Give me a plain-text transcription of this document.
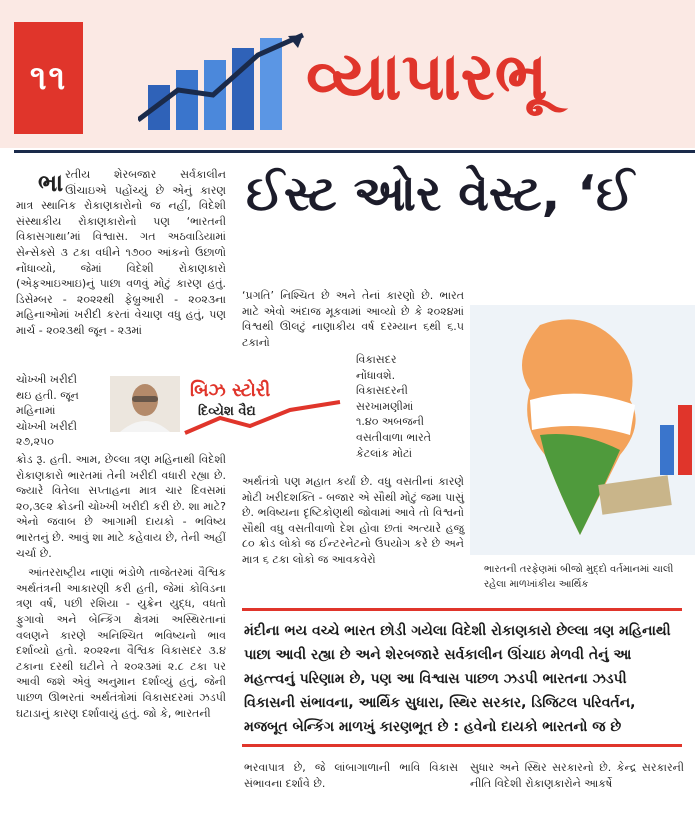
૧૧	વ્યાપારભૂ
ઈસ્ટ ઓર વેસ્ટ, ‘ઈ
ભા રતીય શેરબજાર સર્વકાલીન ઊંચાઇએ પહોંચ્યું છે એનું કારણ માત્ર સ્થાનિક રોકાણકારોનો જ નહીં, વિદેશી સંસ્થાકીય રોકાણકારોનો પણ ‘ભારતની વિકાસગાથા’માં વિશ્વાસ. ગત અઠવાડિયામાં સેન્સેક્સે ૩ ટકા વધીને ૧૭૦૦ આંકનો ઉછાળો નોંધાવ્યો, જેમાં વિદેશી રોકાણકારો (એફઆઇઆઇ)નું પાછા વળવું મોટું કારણ હતું. ડિસેમ્બર - ૨૦૨૨થી ફેબ્રુઆરી - ૨૦૨૩ના મહિનાઓમાં ખરીદી કરતાં વેચાણ વધુ હતું, પણ માર્ચ - ૨૦૨૩થી જૂન - ૨૩માં
ચોખ્ખી ખરીદી
થઇ હતી. જૂન
મહિનામાં
ચોખ્ખી ખરીદી
૨૭,૨૫૦
બિઝ સ્ટોરી
દિવ્યેશ વૈદ્ય

ક્રોડ રૂ. હતી. આમ, છેલ્લા ત્રણ મહિનાથી વિદેશી રોકાણકારો ભારતમાં તેની ખરીદી વધારી રહ્યા છે. જ્યારે વિતેલા સપ્તાહના માત્ર ચાર દિવસમાં ૨૦,૩૯૨ ક્રોડની ચોખ્ખી ખરીદી કરી છે. શા માટે? એનો જવાબ છે આગામી દાયકો - ભવિષ્ય ભારતનું છે. આવું શા માટે કહેવાય છે, તેની અહીં ચર્ચા છે.

આંતરરાષ્ટ્રીય નાણાં ભંડોળે તાજેતરમાં વૈશ્વિક અર્થતંત્રની આકારણી કરી હતી, જેમાં કોવિડના ત્રણ વર્ષ, પછી રશિયા - યુક્રેન યુદ્ધ, વધતો ફુગાવો અને બેન્કિંગ ક્ષેત્રમાં અસ્થિરતાનાં વલણને કારણે અનિશ્ચિત ભવિષ્યનો ભાવ દર્શાવ્યો હતો. ૨૦૨૨ના વૈશ્વિક વિકાસદર ૩.૪ ટકાના દરથી ઘટીને તે ૨૦૨૩માં ૨.૮ ટકા પર આવી જશે એવું અનુમાન દર્શાવ્યું હતું, જેની પાછળ ઊભરતાં અર્થતંત્રોમાં વિકાસદરમાં ઝડપી ઘટાડાનું કારણ દર્શાવાયું હતું. જો કે, ભારતની

‘પ્રગતિ’ નિશ્ચિત છે અને તેનાં કારણો છે. ભારત માટે એવો અંદાજ મૂકવામાં આવ્યો છે કે ૨૦૨૪માં વિશ્વથી ઊલટું નાણાકીય વર્ષ દરમ્યાન ૬થી ૬.૫ ટકાનો
વિકાસદર
નોંધાવશે.
વિકાસદરની
સરખામણીમાં
૧.૪૦ અબજની
વસતીવાળા ભારતે
કેટલાંક મોટાં
અર્થતંત્રો પણ મહાત કર્યાં છે. વધુ વસતીનાં કારણે મોટી ખરીદશક્તિ - બજાર એ સૌથી મોટું જમા પાસું છે. ભવિષ્યના દૃષ્ટિકોણથી જોવામાં આવે તો વિશ્વનો સૌથી વધુ વસતીવાળો દેશ હોવા છતાં અત્યારે હજુ ૮૦ ક્રોડ લોકો જ ઈન્ટરનેટનો ઉપયોગ કરે છે અને માત્ર ૬ ટકા લોકો જ આવકવેરો
ભારતની તરફેણમાં બીજો મુદ્દો વર્તમાનમાં ચાલી રહેલા માળખાંકીય આર્થિક
મંદીના ભય વચ્ચે ભારત છોડી ગયેલા વિદેશી રોકાણકારો છેલ્લા ત્રણ મહિનાથી પાછા આવી રહ્યા છે અને શેરબજારે સર્વકાલીન ઊંચાઇ મેળવી તેનું આ મહત્ત્વનું પરિણામ છે, પણ આ વિશ્વાસ પાછળ ઝડપી ભારતના ઝડપી વિકાસની સંભાવના, આર્થિક સુધારા, સ્થિર સરકાર, ડિજિટલ પરિવર્તન, મજબૂત બેન્કિંગ માળખું કારણભૂત છે : હવેનો દાયકો ભારતનો જ છે
ભરવાપાત્ર છે, જે લાંબાગાળાની ભાવિ વિકાસ સંભાવના દર્શાવે છે.
સુધાર અને સ્થિર સરકારનો છે. કેન્દ્ર સરકારની નીતિ વિદેશી રોકાણકારોને આકર્ષે
